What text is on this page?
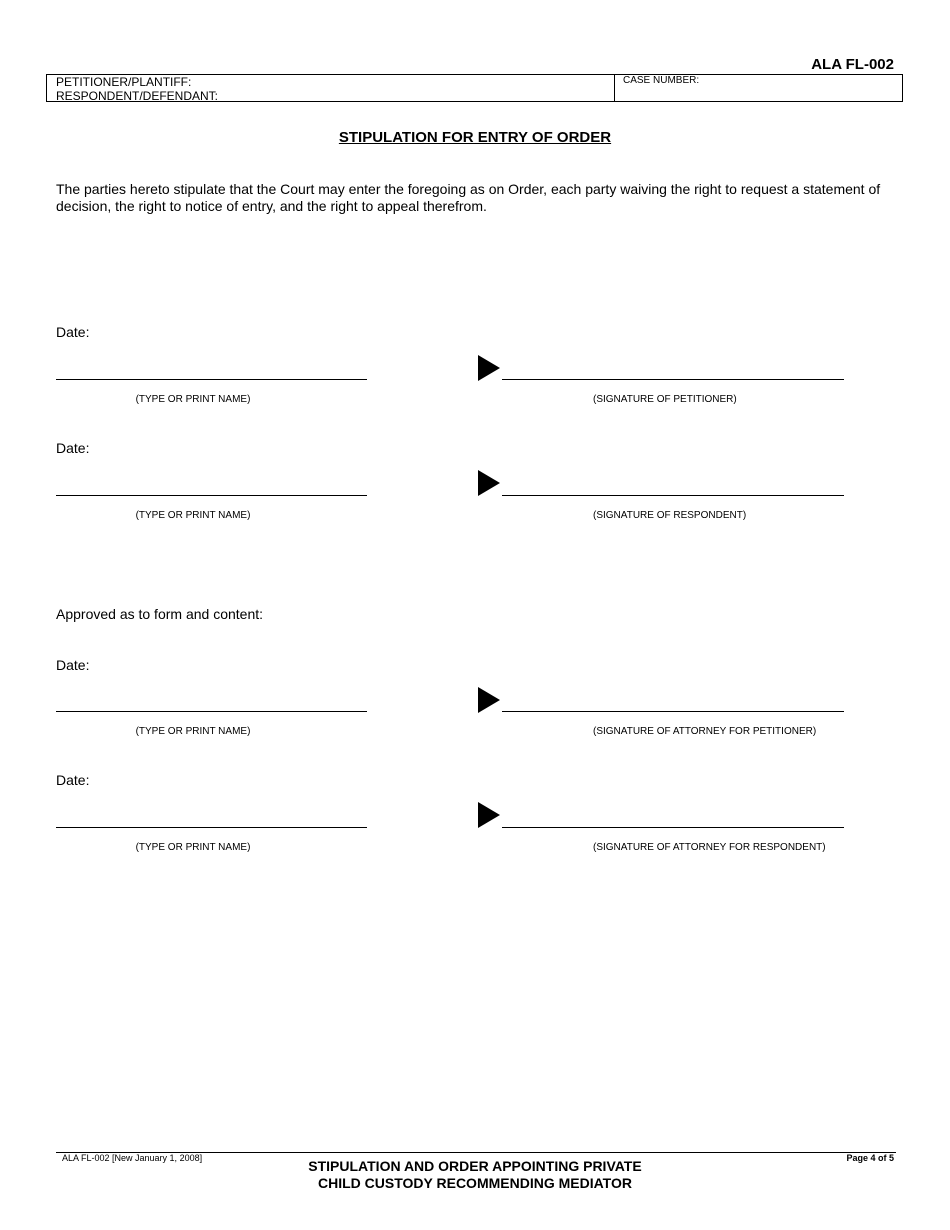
ALA FL-002
PETITIONER/PLANTIFF:
RESPONDENT/DEFENDANT:
CASE NUMBER:
STIPULATION FOR ENTRY OF ORDER
The parties hereto stipulate that the Court may enter the foregoing as on Order, each party waiving the right to request a statement of decision, the right to notice of entry, and the right to appeal therefrom.
Date:
(TYPE OR PRINT NAME)	(SIGNATURE OF PETITIONER)
Date:
(TYPE OR PRINT NAME)	(SIGNATURE OF RESPONDENT)
Approved as to form and content:
Date:
(TYPE OR PRINT NAME)	(SIGNATURE OF ATTORNEY FOR PETITIONER)
Date:
(TYPE OR PRINT NAME)	(SIGNATURE OF ATTORNEY FOR RESPONDENT)
ALA FL-002 [New January 1, 2008]	STIPULATION AND ORDER APPOINTING PRIVATE
CHILD CUSTODY RECOMMENDING MEDIATOR
Page 4 of 5
